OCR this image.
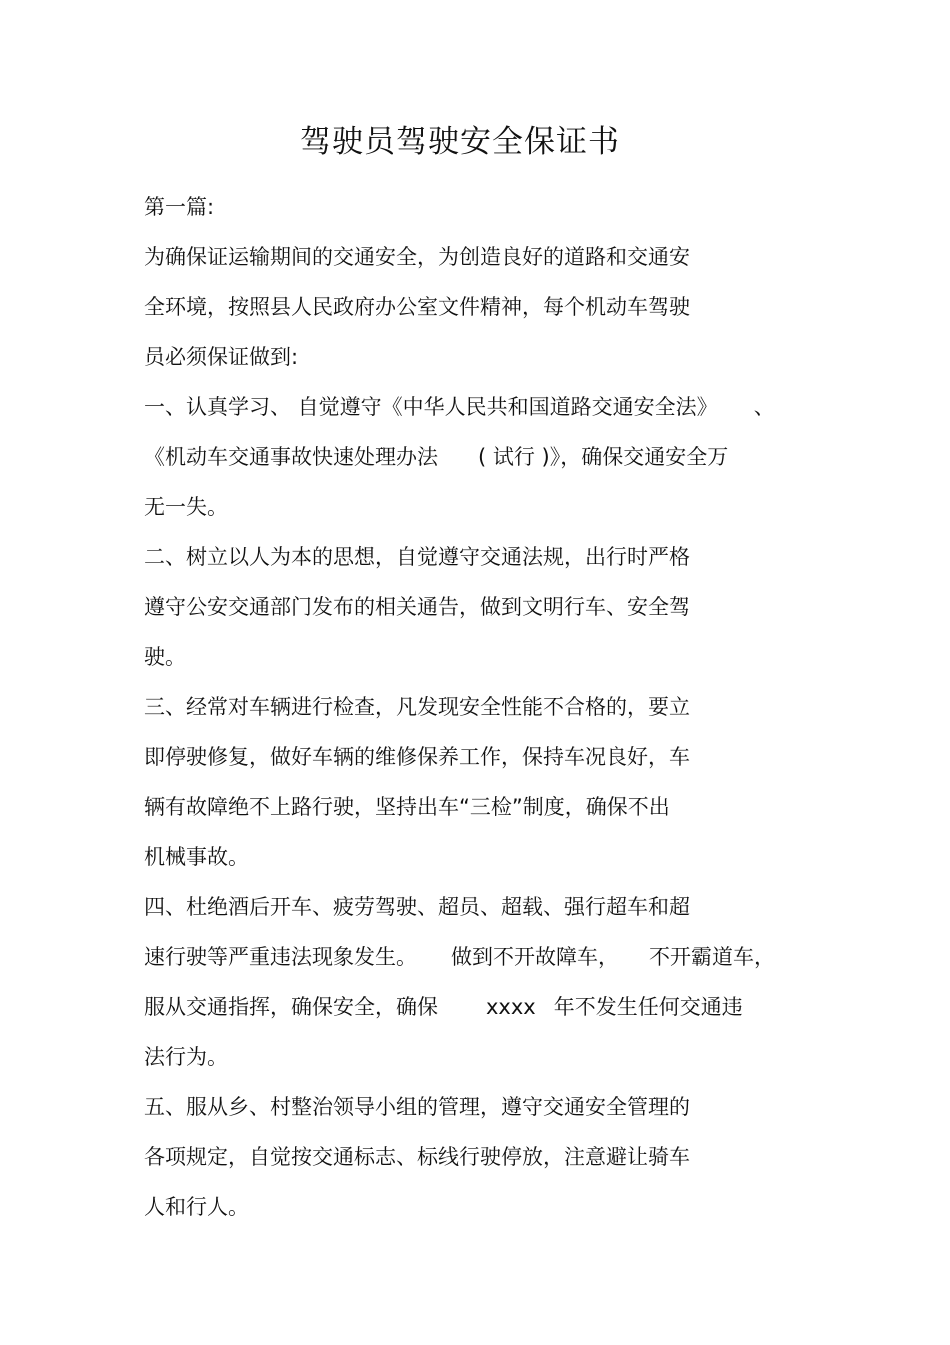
驾驶员驾驶安全保证书
第一篇:
为确保证运输期间的交通安全，为创造良好的道路和交通安
全环境，按照县人民政府办公室文件精神，每个机动车驾驶
员必须保证做到:
一、认真学习、 自觉遵守《中华人民共和国道路交通安全法》 、
《机动车交通事故快速处理办法 ( 试行 )》，确保交通安全万
无一失。
二、树立以人为本的思想，自觉遵守交通法规，出行时严格
遵守公安交通部门发布的相关通告，做到文明行车、安全驾
驶。
三、经常对车辆进行检查，凡发现安全性能不合格的，要立
即停驶修复，做好车辆的维修保养工作，保持车况良好，车
辆有故障绝不上路行驶，坚持出车“三检”制度，确保不出
机械事故。
四、杜绝酒后开车、疲劳驾驶、超员、超载、强行超车和超
速行驶等严重违法现象发生。 做到不开故障车， 不开霸道车，
服从交通指挥，确保安全，确保 xxxx 年不发生任何交通违
法行为。
五、服从乡、村整治领导小组的管理，遵守交通安全管理的
各项规定，自觉按交通标志、标线行驶停放，注意避让骑车
人和行人。
